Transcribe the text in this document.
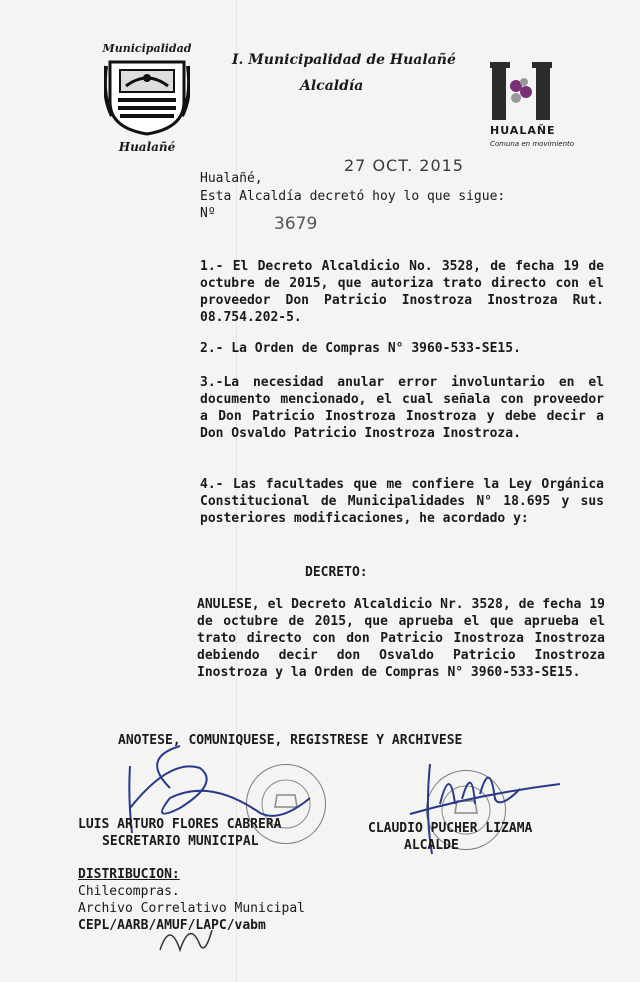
Municipalidad
Hualañé
I. Municipalidad de Hualañé
Alcaldía
HUALAÑE
Comuna en movimiento
27 OCT. 2015
Hualañé,
Esta Alcaldía decretó hoy lo que sigue:
Nº
3679
1.- El Decreto Alcaldicio No. 3528, de fecha 19 de octubre de 2015, que autoriza trato directo con el proveedor Don Patricio Inostroza Inostroza Rut. 08.754.202-5.
2.- La Orden de Compras N° 3960-533-SE15.
3.-La necesidad anular error involuntario en el documento mencionado, el cual señala con proveedor a Don Patricio Inostroza Inostroza y debe decir a Don Osvaldo Patricio Inostroza Inostroza.
4.- Las facultades que me confiere la Ley Orgánica Constitucional de Municipalidades N° 18.695 y sus posteriores modificaciones, he acordado y:
DECRETO:
ANULESE, el Decreto Alcaldicio Nr. 3528, de fecha 19 de octubre de 2015, que aprueba el que aprueba el trato directo con don Patricio Inostroza Inostroza debiendo decir don Osvaldo Patricio Inostroza Inostroza y la Orden de Compras N° 3960-533-SE15.
ANOTESE, COMUNIQUESE, REGISTRESE Y ARCHIVESE
LUIS ARTURO FLORES CABRERA
SECRETARIO MUNICIPAL
CLAUDIO PUCHER LIZAMA
ALCALDE
DISTRIBUCION:
Chilecompras.
Archivo Correlativo Municipal
CEPL/AARB/AMUF/LAPC/vabm
